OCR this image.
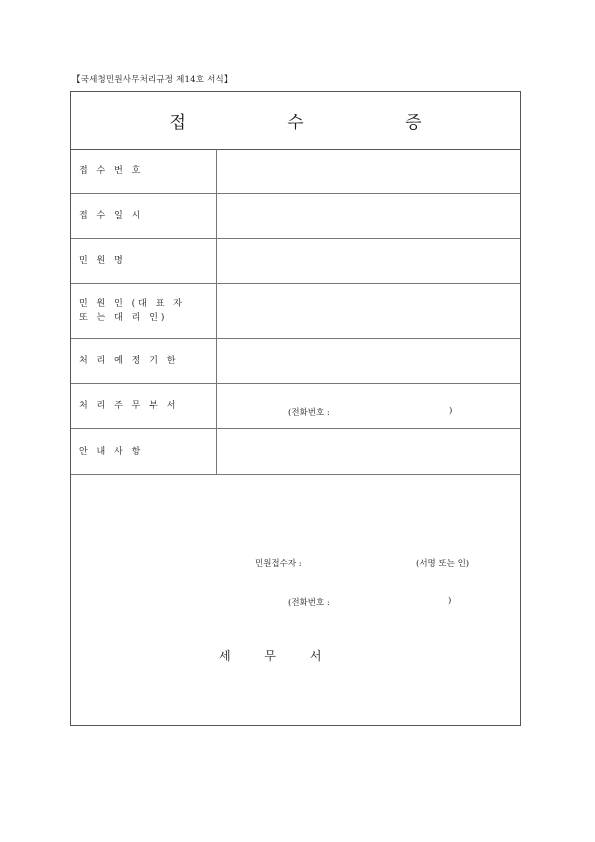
【국세청민원사무처리규정 제14호 서식】
접 수 증
접 수 번 호
접 수 일 시
민 원 명
민 원 인 (대 표 자
또 는 대 리 인)
처 리 예 정 기 한
처 리 주 무 부 서
(전화번호 :	)
안 내 사 항
민원접수자 :	(서명 또는 인)
(전화번호 :	)
세 무 서
